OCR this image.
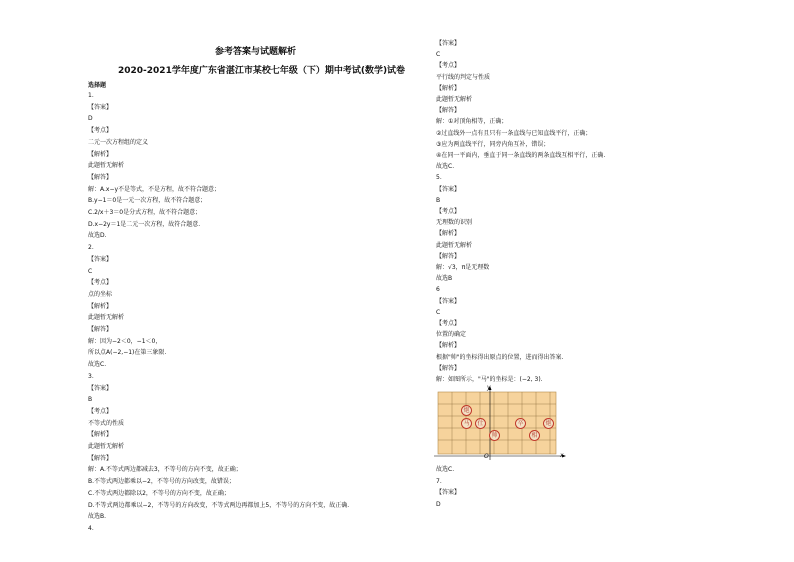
参考答案与试题解析
2020-2021学年度广东省湛江市某校七年级（下）期中考试(数学)试卷
选择题
1.
【答案】
D
【考点】
二元一次方程组的定义
【解析】
此题暂无解析
【解答】
解：A.x−y不是等式，不是方程，故不符合题意；
B.y−1＝0是一元一次方程，故不符合题意；
C.2/x＋3＝0是分式方程，故不符合题意；
D.x−2y＝1是二元一次方程，故符合题意.
故选D.
2.
【答案】
C
【考点】
点的坐标
【解析】
此题暂无解析
【解答】
解：因为−2＜0，−1＜0，
所以点A(−2,−1)在第三象限.
故选C.
3.
【答案】
B
【考点】
不等式的性质
【解析】
此题暂无解析
【解答】
解：A.不等式两边都减去3，不等号的方向不变，故正确；
B.不等式两边都乘以−2，不等号的方向改变，故错误；
C.不等式两边都除以2，不等号的方向不变，故正确；
D.不等式两边都乘以−2，不等号的方向改变，不等式两边再都加上5，不等号的方向不变，故正确.
故选B.
4.
【答案】
C
【考点】
平行线的判定与性质
【解析】
此题暂无解析
【解答】
解：①对顶角相等，正确；
②过直线外一点有且只有一条直线与已知直线平行，正确；
③应为两直线平行，同旁内角互补，错误；
④在同一平面内，垂直于同一条直线的两条直线互相平行，正确.
故选C.
5.
【答案】
B
【考点】
无理数的识别
【解析】
此题暂无解析
【解答】
解：√3，π是无理数
故选B
6
【答案】
C
【考点】
位置的确定
【解析】
根据"帅"的坐标得出原点的位置，进而得出答案.
【解答】
解：如图所示，"马"的坐标是：(−2, 3).
故选C.
7.
【答案】
D
y
x
O
炮
马	仕
帅
卒
相
炮
